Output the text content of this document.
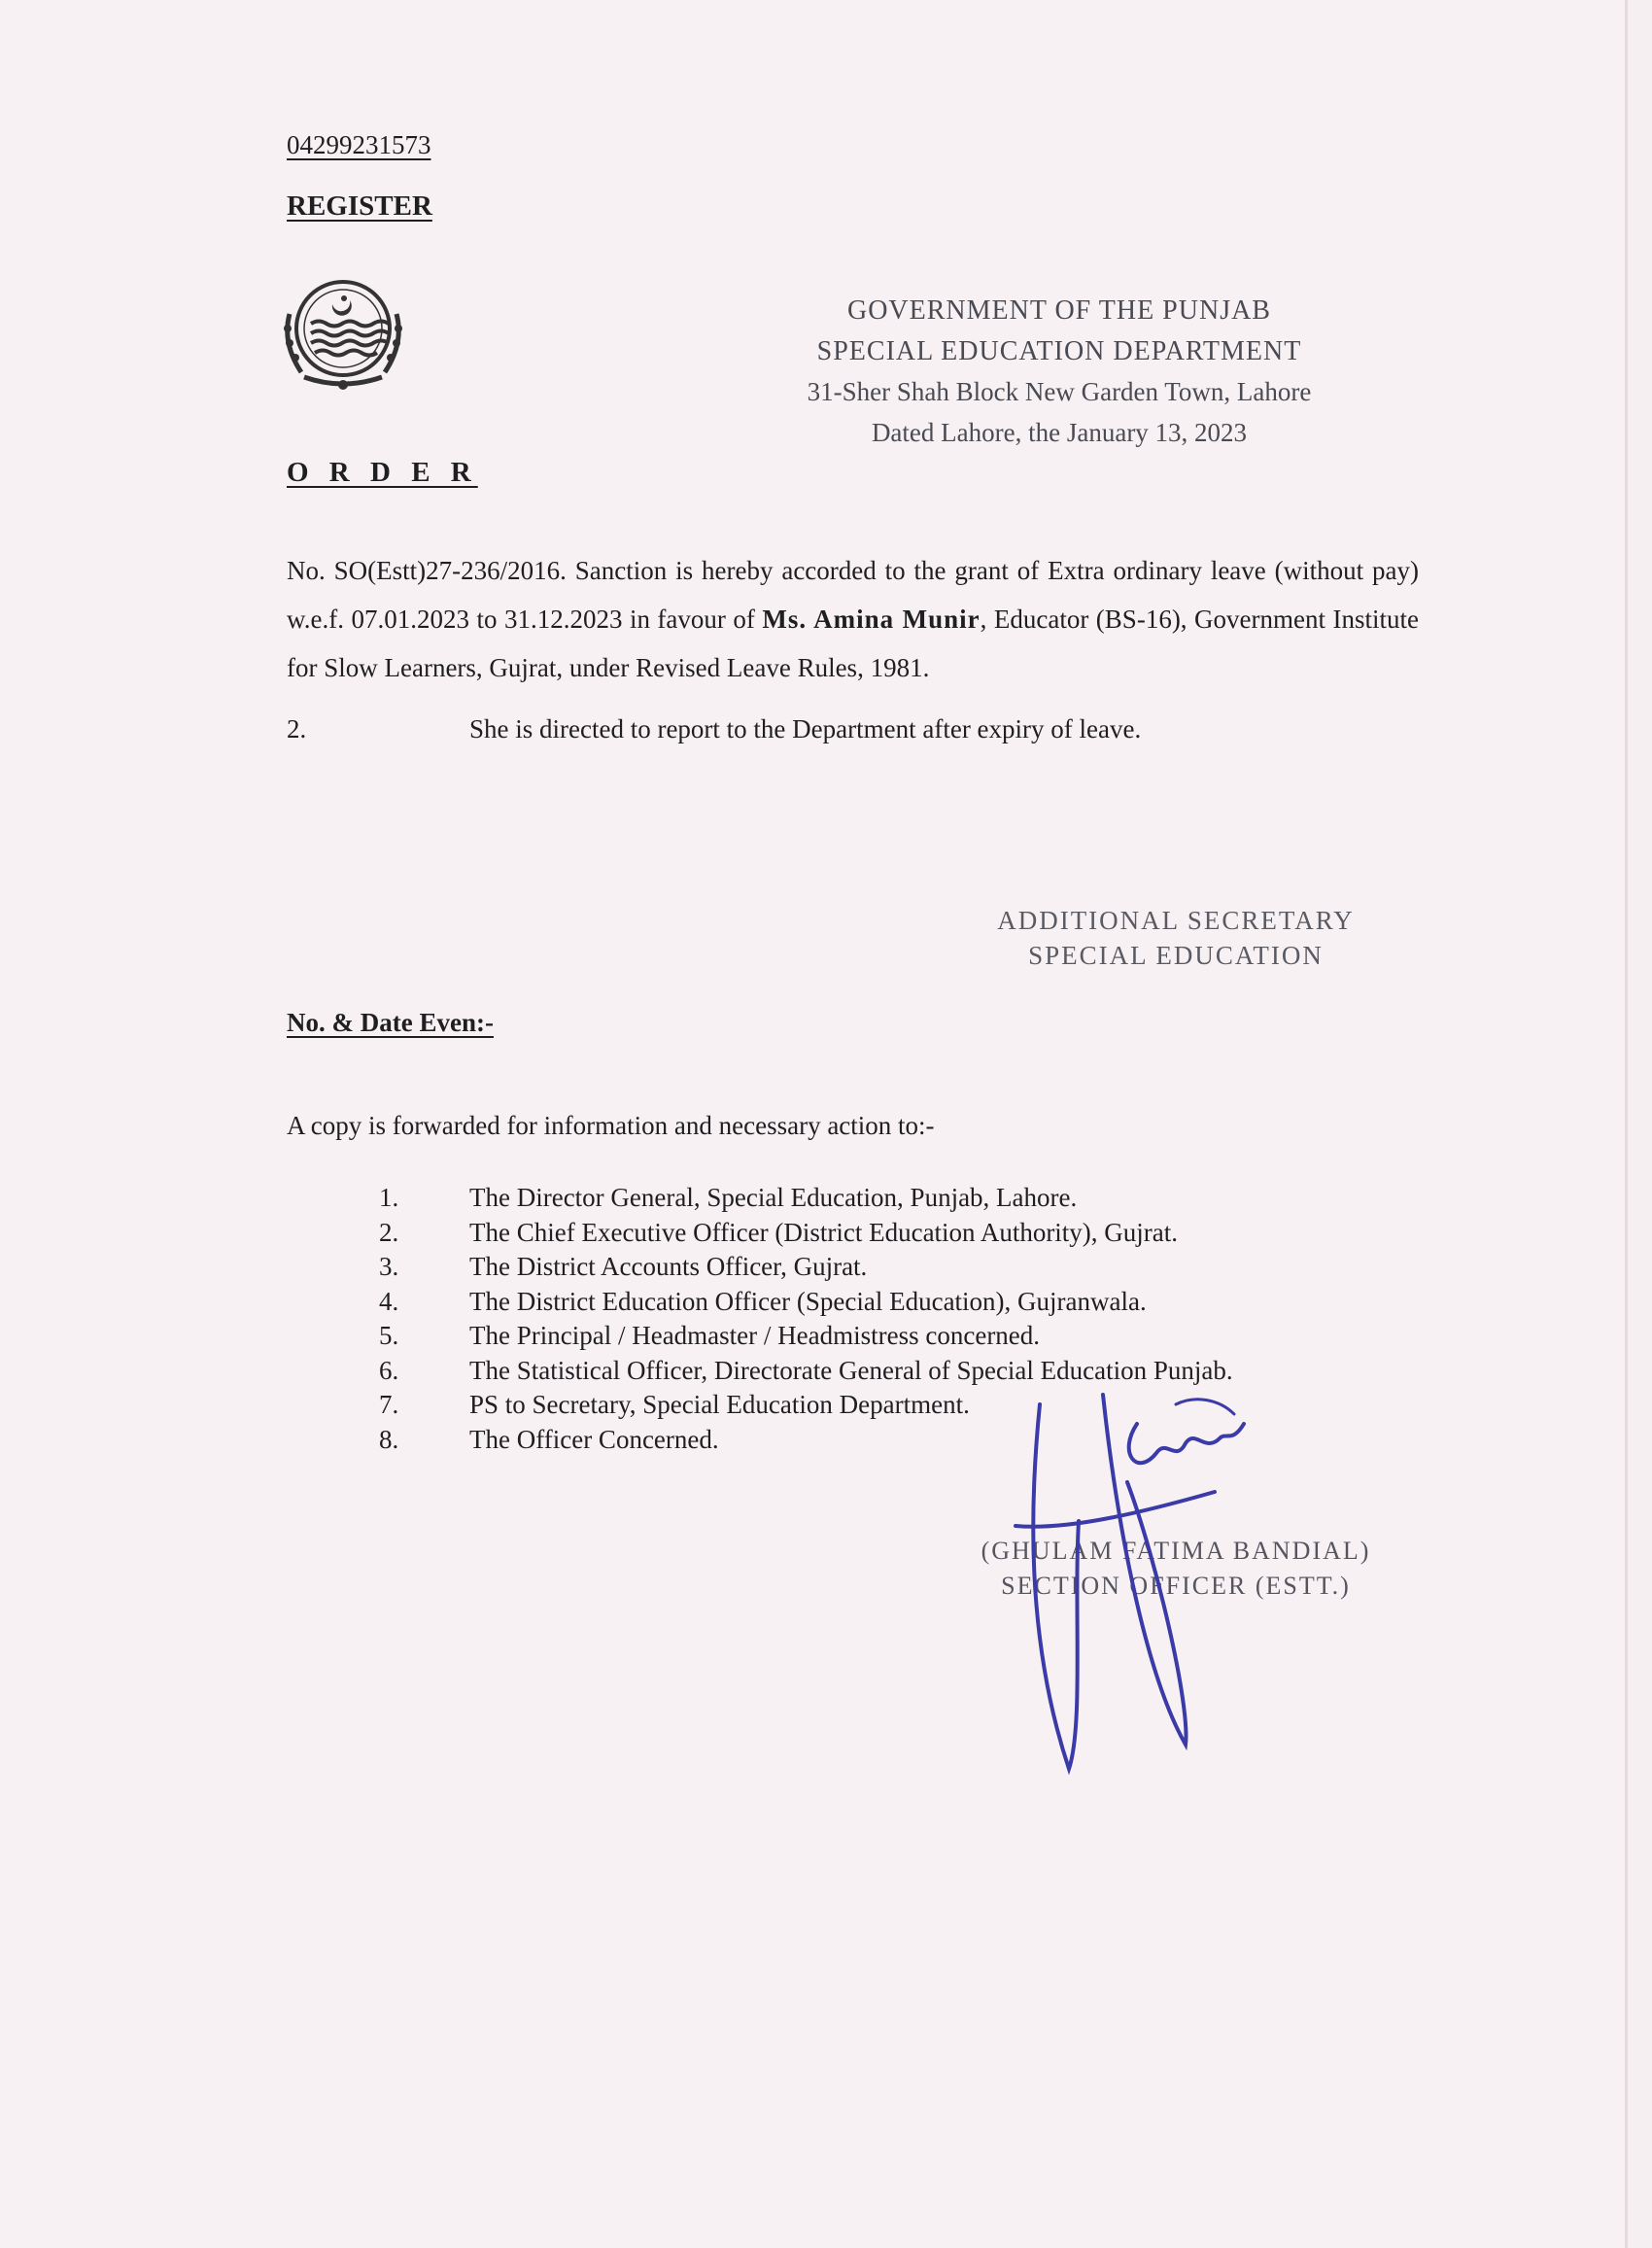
04299231573
REGISTER
GOVERNMENT OF THE PUNJAB
SPECIAL EDUCATION DEPARTMENT
31-Sher Shah Block New Garden Town, Lahore
Dated Lahore, the January 13, 2023
O R D E R
No. SO(Estt)27-236/2016. Sanction is hereby accorded to the grant of Extra ordinary leave (without pay) w.e.f. 07.01.2023 to 31.12.2023 in favour of Ms. Amina Munir, Educator (BS-16), Government Institute for Slow Learners, Gujrat, under Revised Leave Rules, 1981.
2.	She is directed to report to the Department after expiry of leave.
ADDITIONAL SECRETARY
SPECIAL EDUCATION
No. & Date Even:-
A copy is forwarded for information and necessary action to:-
1.	The Director General, Special Education, Punjab, Lahore.
2.	The Chief Executive Officer (District Education Authority), Gujrat.
3.	The District Accounts Officer, Gujrat.
4.	The District Education Officer (Special Education), Gujranwala.
5.	The Principal / Headmaster / Headmistress concerned.
6.	The Statistical Officer, Directorate General of Special Education Punjab.
7.	PS to Secretary, Special Education Department.
8.	The Officer Concerned.
(GHULAM FATIMA BANDIAL)
SECTION OFFICER (ESTT.)
